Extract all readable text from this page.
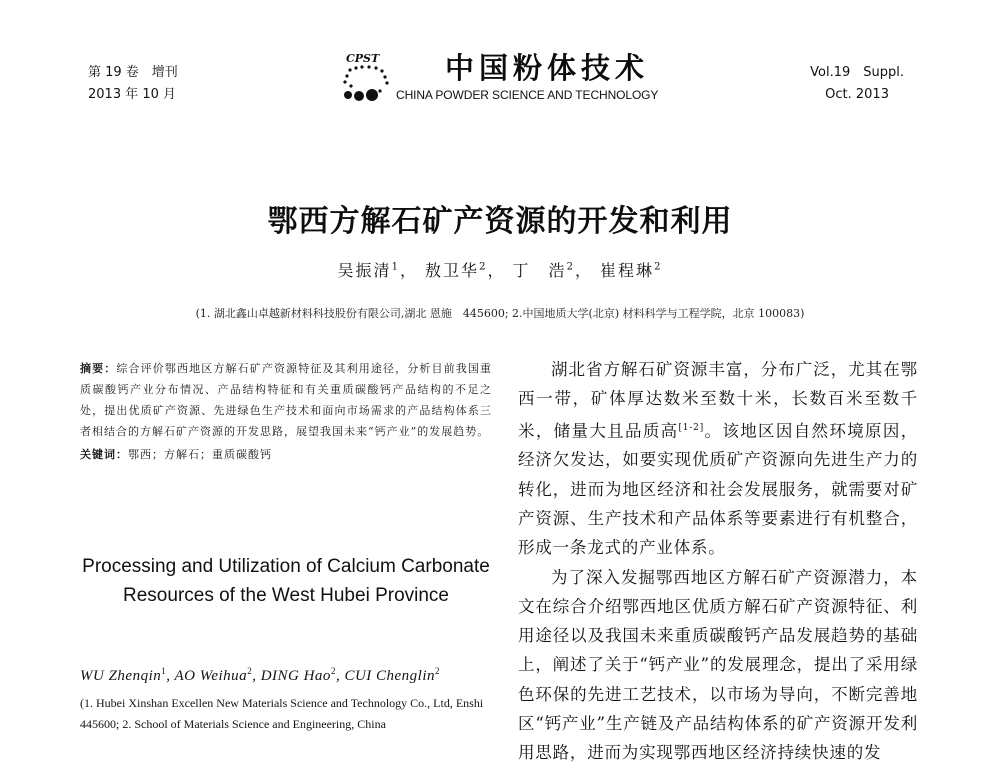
第 19 卷　增刊
2013 年 10 月
CPST 中国粉体技术
CHINA POWDER SCIENCE AND TECHNOLOGY
Vol.19　Suppl.
Oct. 2013
鄂西方解石矿产资源的开发和利用
吴振清$^1$， 敖卫华$^2$， 丁　浩$^2$， 崔程琳$^2$
(1. 湖北鑫山卓越新材料科技股份有限公司,湖北 恩施　445600; 2.中国地质大学(北京) 材料科学与工程学院，北京 100083)
摘要：综合评价鄂西地区方解石矿产资源特征及其利用途径，分析目前我国重质碳酸钙产业分布情况、产品结构特征和有关重质碳酸钙产品结构的不足之处，提出优质矿产资源、先进绿色生产技术和面向市场需求的产品结构体系三者相结合的方解石矿产资源的开发思路，展望我国未来“钙产业”的发展趋势。
关键词：鄂西；方解石；重质碳酸钙
Processing and Utilization of Calcium Carbonate Resources of the West Hubei Province
WU Zhenqin$^1$, AO Weihua$^2$, DING Hao$^2$, CUI Chenglin$^2$
(1. Hubei Xinshan Excellen New Materials Science and Technology Co., Ltd, Enshi 445600; 2. School of Materials Science and Engineering, China

湖北省方解石矿资源丰富，分布广泛，尤其在鄂西一带，矿体厚达数米至数十米，长数百米至数千米，储量大且品质高[1-2]。该地区因自然环境原因，经济欠发达，如要实现优质矿产资源向先进生产力的转化，进而为地区经济和社会发展服务，就需要对矿产资源、生产技术和产品体系等要素进行有机整合，形成一条龙式的产业体系。

为了深入发掘鄂西地区方解石矿产资源潜力，本文在综合介绍鄂西地区优质方解石矿产资源特征、利用途径以及我国未来重质碳酸钙产品发展趋势的基础上，阐述了关于“钙产业”的发展理念，提出了采用绿色环保的先进工艺技术，以市场为导向，不断完善地区“钙产业”生产链及产品结构体系的矿产资源开发利用思路，进而为实现鄂西地区经济持续快速的发
